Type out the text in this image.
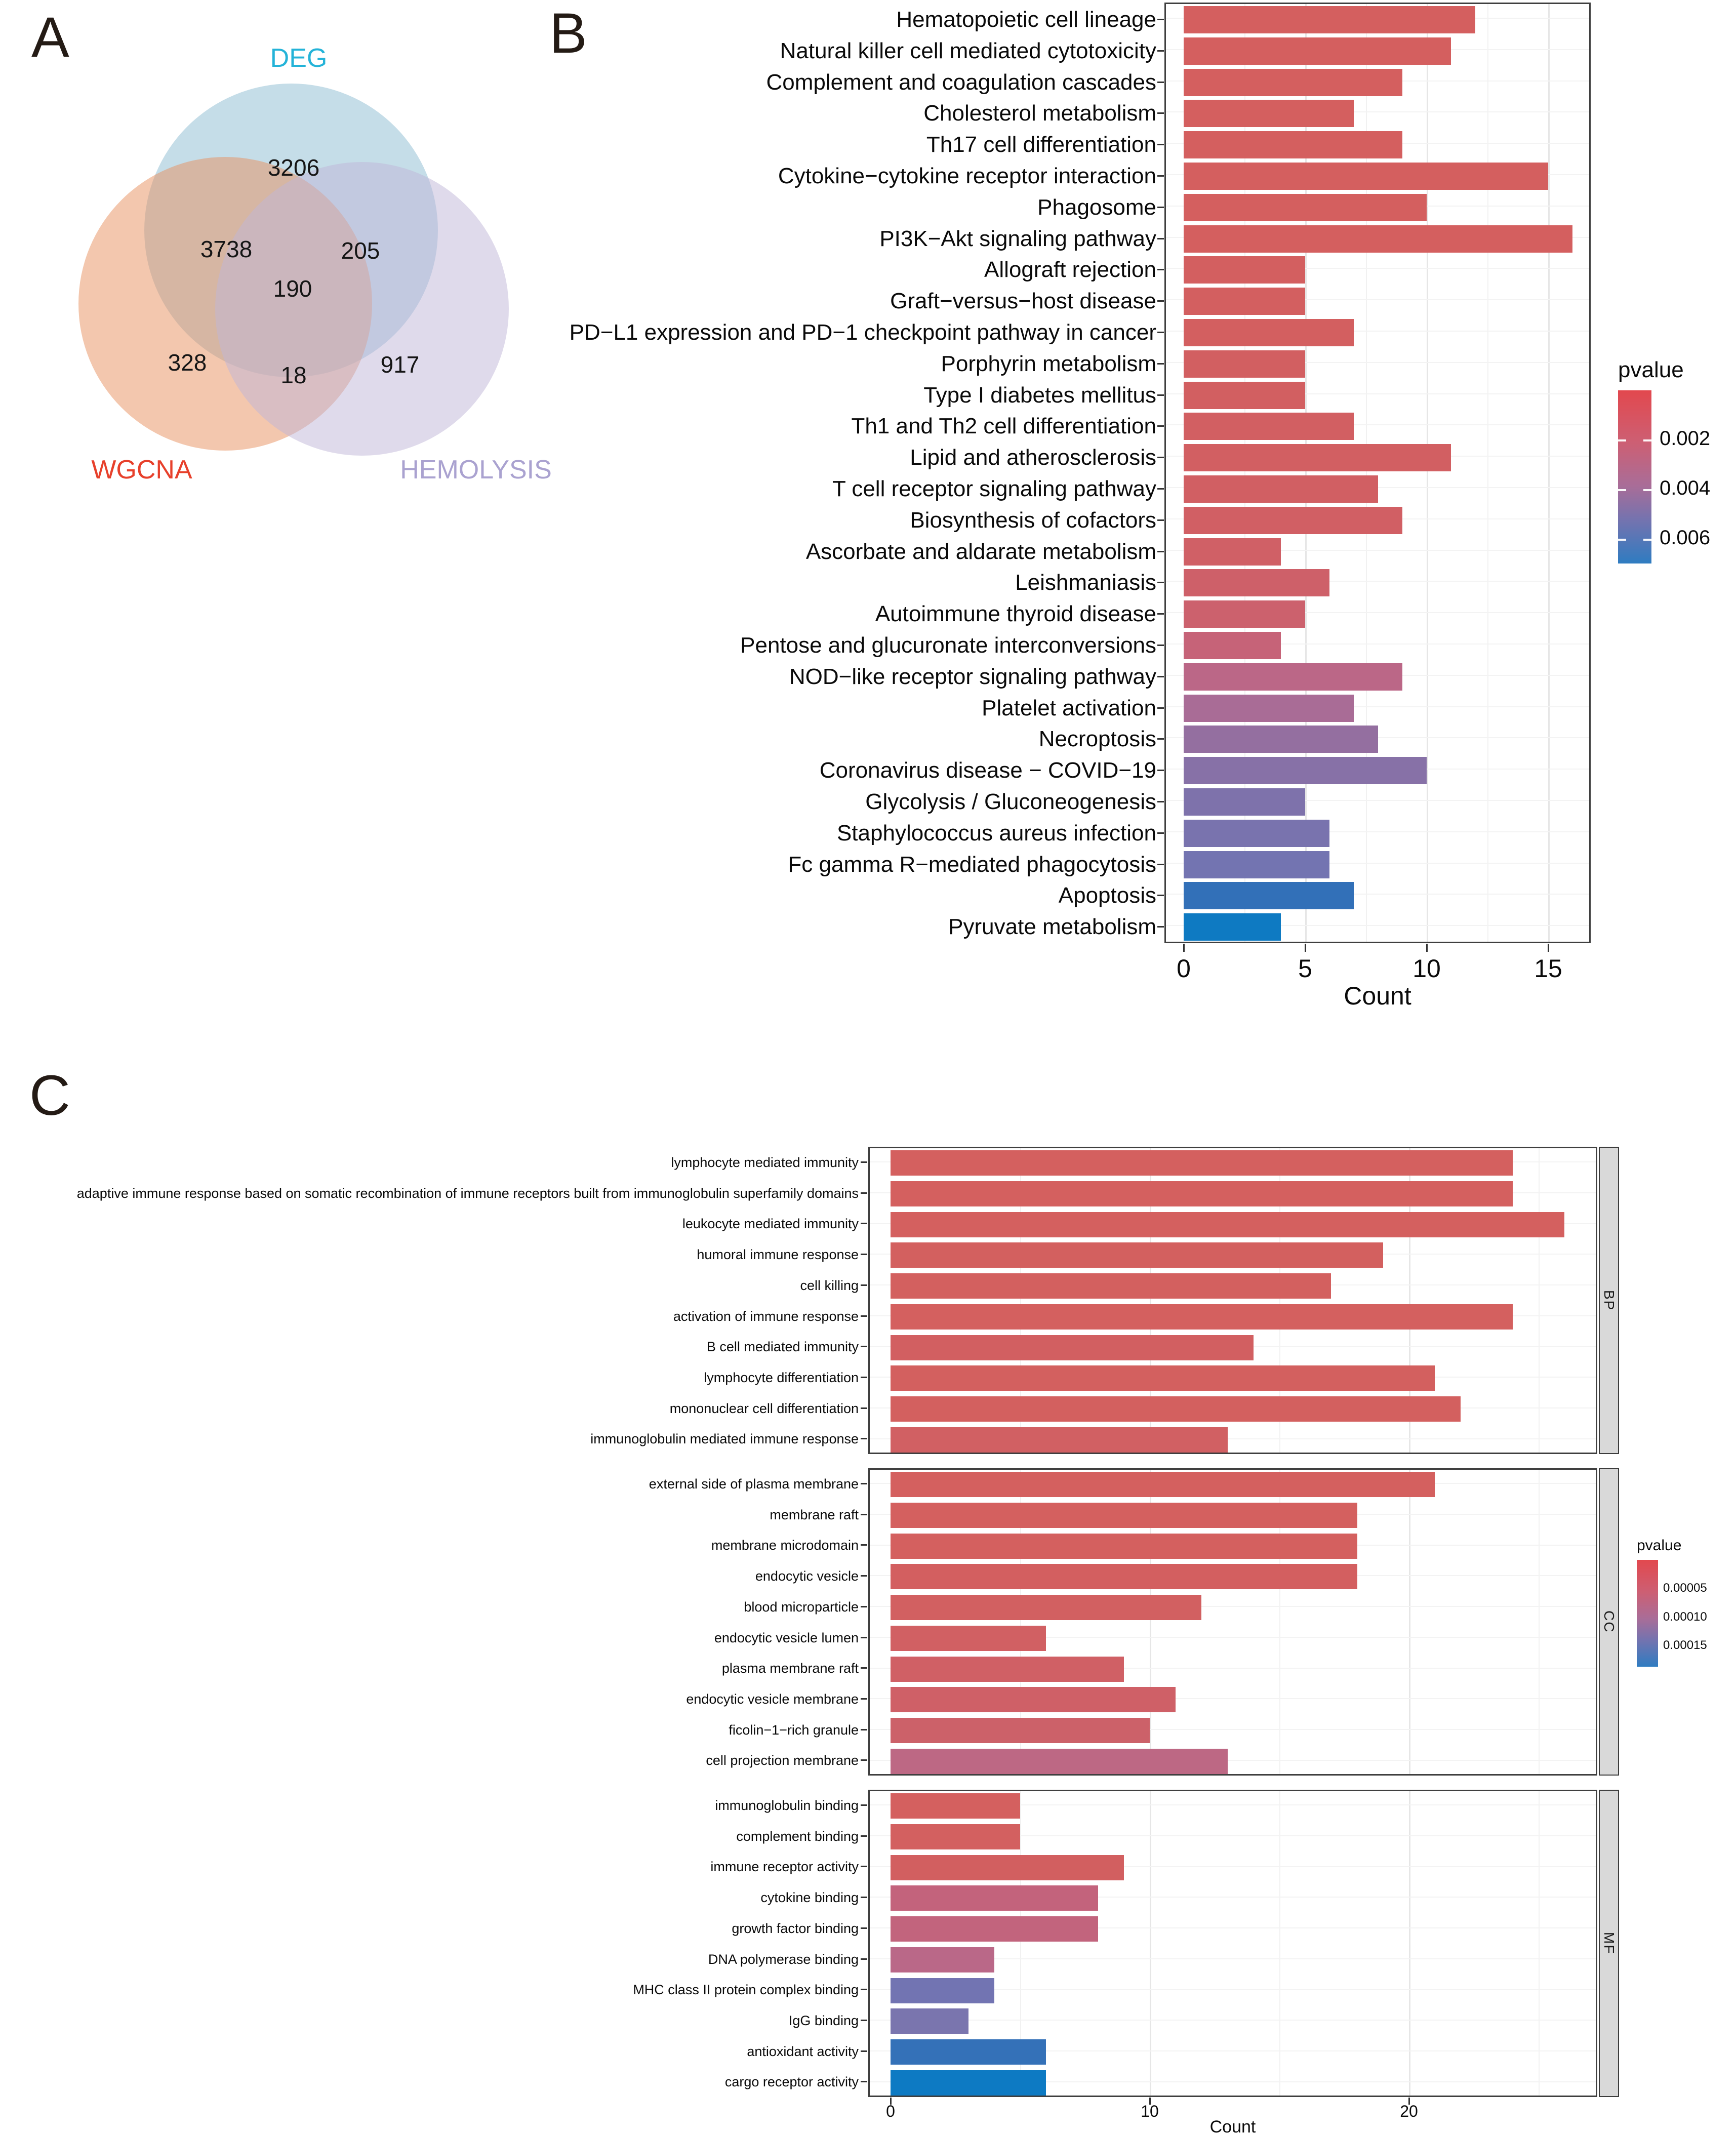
A	B
C
3206
3738	205
190
328	18	917
DEG
WGCNA	HEMOLYSIS
Count
pvalue
lymphocyte mediated immunity
adaptive immune response based on somatic recombination of immune receptors built from immunoglobulin superfamily domains
leukocyte mediated immunity
humoral immune response
cell killing
activation of immune response
B cell mediated immunity
lymphocyte differentiation
mononuclear cell differentiation
immunoglobulin mediated immune response
BP
external side of plasma membrane
membrane raft
membrane microdomain
endocytic vesicle
blood microparticle
endocytic vesicle lumen
plasma membrane raft
endocytic vesicle membrane
ficolin−1−rich granule
cell projection membrane
CC
immunoglobulin binding
complement binding
immune receptor activity
cytokine binding
growth factor binding
DNA polymerase binding
MHC class II protein complex binding
IgG binding
antioxidant activity
cargo receptor activity
MF
0	10	20
0.00005
0.00010
0.00015
Count
pvalue
Hematopoietic cell lineage
Natural killer cell mediated cytotoxicity
Complement and coagulation cascades
Cholesterol metabolism
Th17 cell differentiation
Cytokine−cytokine receptor interaction
Phagosome
PI3K−Akt signaling pathway
Allograft rejection
Graft−versus−host disease
PD−L1 expression and PD−1 checkpoint pathway in cancer
Porphyrin metabolism
Type I diabetes mellitus
Th1 and Th2 cell differentiation
Lipid and atherosclerosis
T cell receptor signaling pathway
Biosynthesis of cofactors
Ascorbate and aldarate metabolism
Leishmaniasis
Autoimmune thyroid disease
Pentose and glucuronate interconversions
NOD−like receptor signaling pathway
Platelet activation
Necroptosis
Coronavirus disease − COVID−19
Glycolysis / Gluconeogenesis
Staphylococcus aureus infection
Fc gamma R−mediated phagocytosis
Apoptosis
Pyruvate metabolism
0	5	10	15
0.002
0.004
0.006
